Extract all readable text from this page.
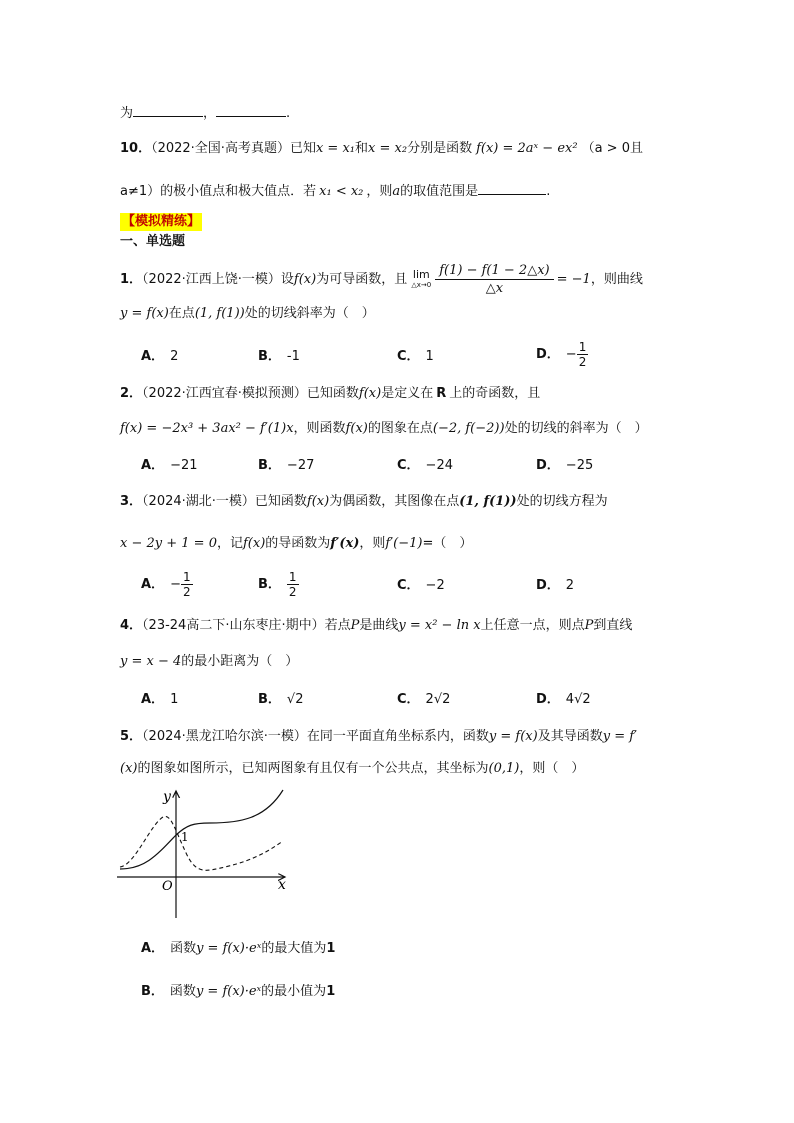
为	，	.
10．（2022·全国·高考真题）已知x = x₁和x = x₂分别是函数 f(x) = 2aˣ − ex² （a > 0且
a≠1）的极小值点和极大值点．若 x₁ < x₂ ，则a的取值范围是	.
【模拟精练】
一、单选题
1．（2022·江西上饶·一模）设f(x)为可导函数，且 lim
△x→0 $\frac{f(1) - f(1 - 2\triangle x)}{\triangle x} = -1$，则曲线
y = f(x)在点(1, f(1))处的切线斜率为（　）
A． 2	B． -1	C． 1	D． − $\frac{1}{2}$
2．（2022·江西宜春·模拟预测）已知函数f(x)是定义在 R 上的奇函数，且
f(x) = −2x³ + 3ax² − f′(1)x，则函数f(x)的图象在点(−2, f(−2))处的切线的斜率为（　）
A． −21	B． −27	C． −24	D． −25
3．（2024·湖北·一模）已知函数f(x)为偶函数，其图像在点(1, f(1))处的切线方程为
x − 2y + 1 = 0，记f(x)的导函数为f′(x)，则f′(−1)=（　）
A． − $\frac{1}{2}$	B． $\frac{1}{2}$	C． −2	D． 2
4．（23-24高二下·山东枣庄·期中）若点P是曲线y = x² − ln x上任意一点，则点P到直线
y = x − 4的最小距离为（　）
A． 1	B． √2	C． 2√2	D． 4√2
5．（2024·黑龙江哈尔滨·一模）在同一平面直角坐标系内，函数y = f(x)及其导函数y = f′
(x)的图象如图所示，已知两图象有且仅有一个公共点，其坐标为(0,1)，则（　）
y
x
O
1
A． 函数y = f(x)·eˣ的最大值为1
B． 函数y = f(x)·eˣ的最小值为1
